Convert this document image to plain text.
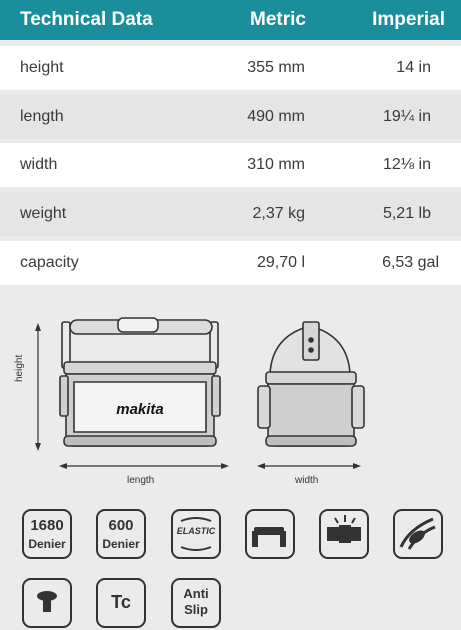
Technical Data	Metric	Imperial
height	355 mm	14 in
length	490 mm	19¼ in
width	310 mm	12⅛ in
weight	2,37 kg	5,21 lb
capacity	29,70 l	6,53 gal
makita
height
length	width
1680
Denier
600
Denier
ELASTIC
Tc	Anti
Slip
